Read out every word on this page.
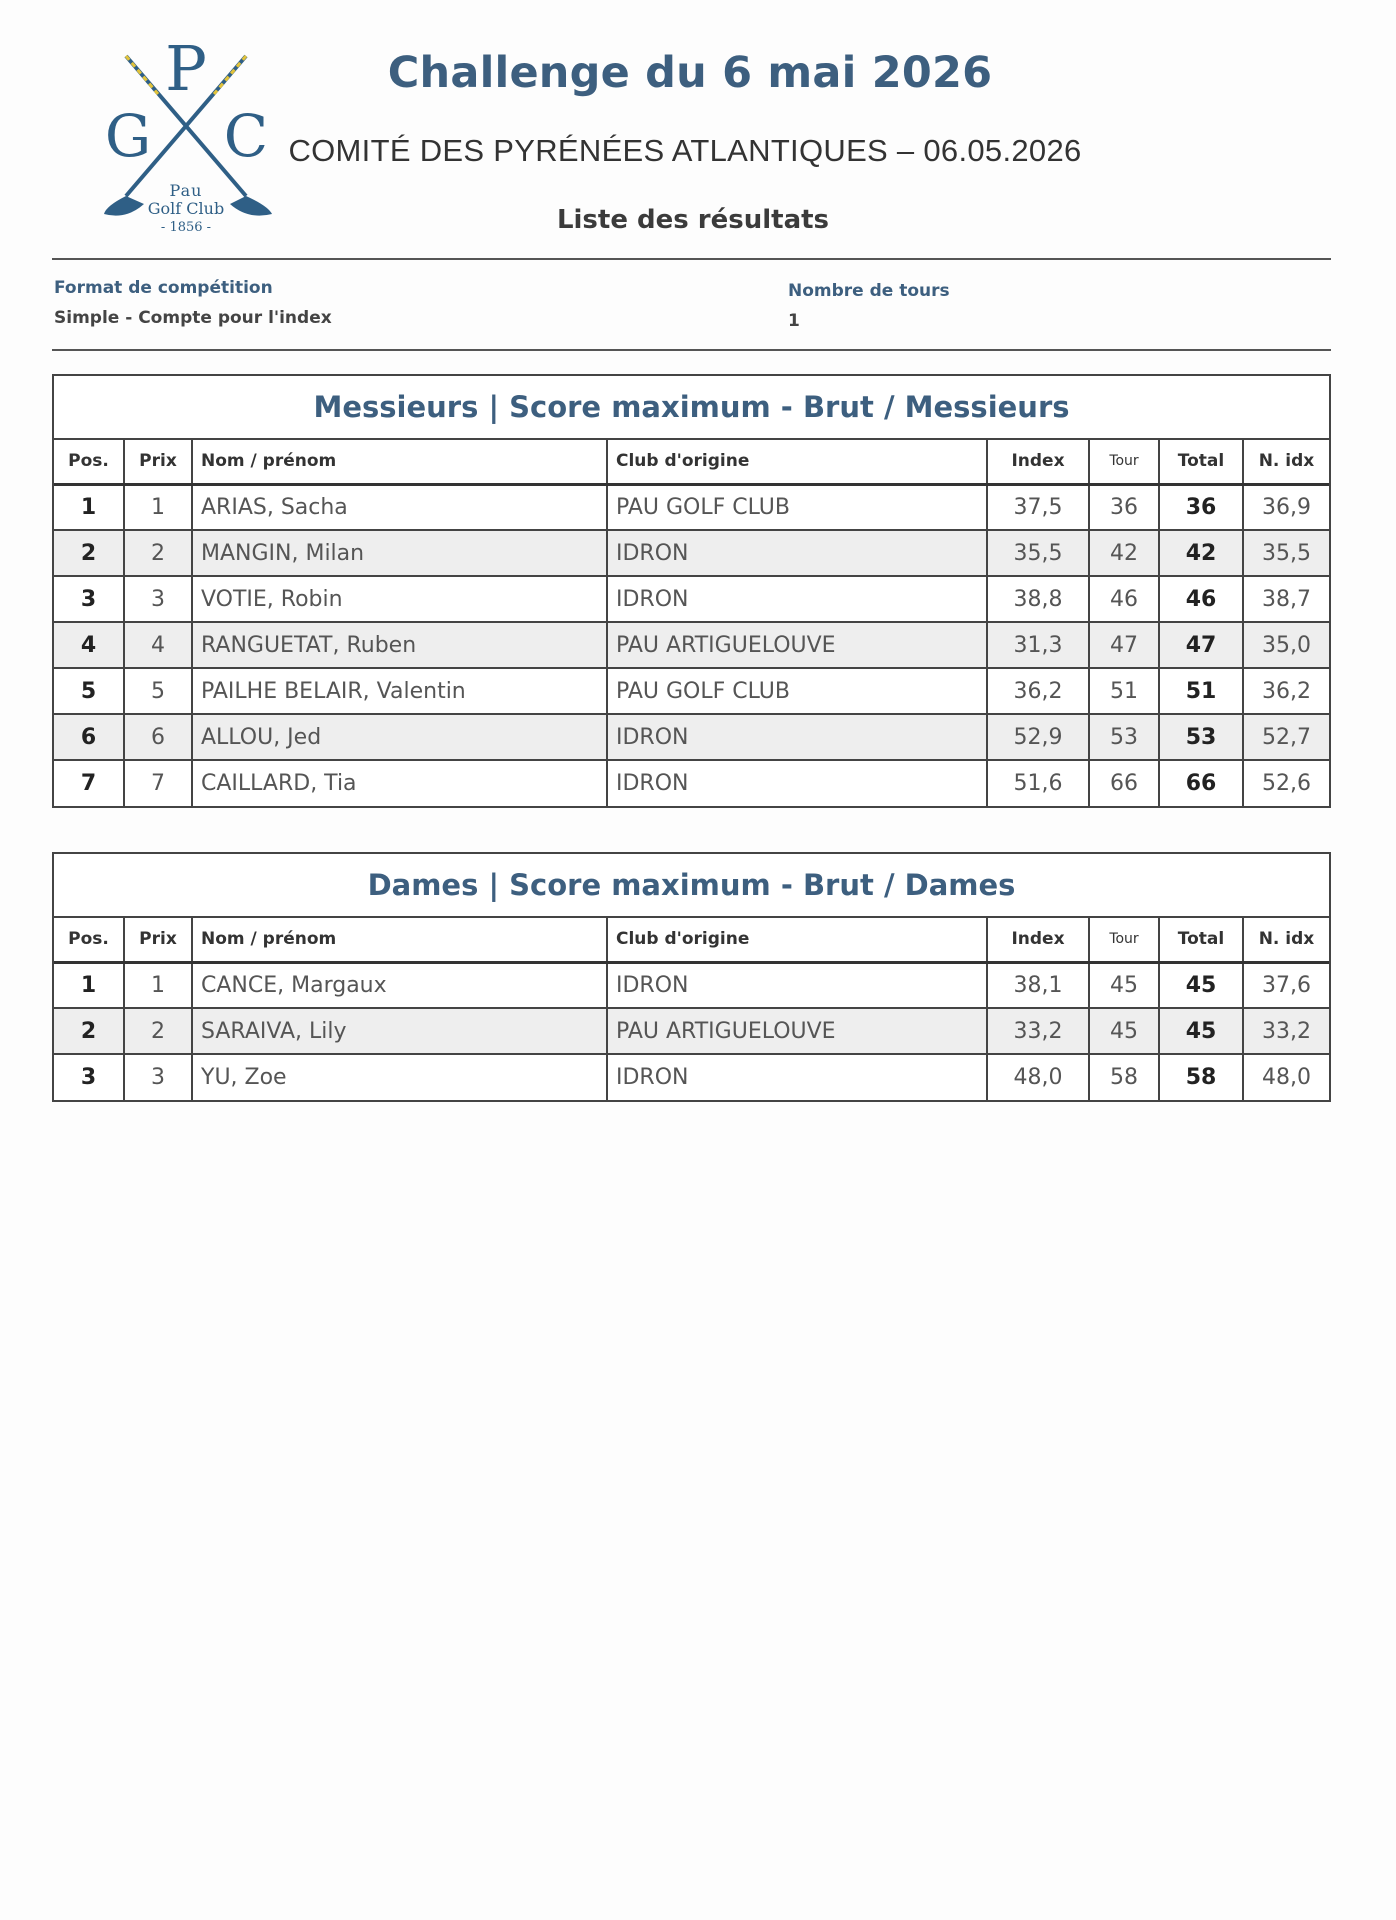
P
G C
Pau
Golf Club
- 1856 -
Challenge du 6 mai 2026
COMITÉ DES PYRÉNÉES ATLANTIQUES – 06.05.2026
Liste des résultats
Format de compétition
Simple - Compte pour l'index
Nombre de tours
1
Messieurs | Score maximum - Brut / Messieurs
Pos.	Prix	Nom / prénom	Club d'origine	Index	Tour	Total	N. idx
1	1	ARIAS, Sacha	PAU GOLF CLUB	37,5	36	36	36,9
2	2	MANGIN, Milan	IDRON	35,5	42	42	35,5
3	3	VOTIE, Robin	IDRON	38,8	46	46	38,7
4	4	RANGUETAT, Ruben	PAU ARTIGUELOUVE	31,3	47	47	35,0
5	5	PAILHE BELAIR, Valentin	PAU GOLF CLUB	36,2	51	51	36,2
6	6	ALLOU, Jed	IDRON	52,9	53	53	52,7
7	7	CAILLARD, Tia	IDRON	51,6	66	66	52,6
Dames | Score maximum - Brut / Dames
Pos.	Prix	Nom / prénom	Club d'origine	Index	Tour	Total	N. idx
1	1	CANCE, Margaux	IDRON	38,1	45	45	37,6
2	2	SARAIVA, Lily	PAU ARTIGUELOUVE	33,2	45	45	33,2
3	3	YU, Zoe	IDRON	48,0	58	58	48,0
